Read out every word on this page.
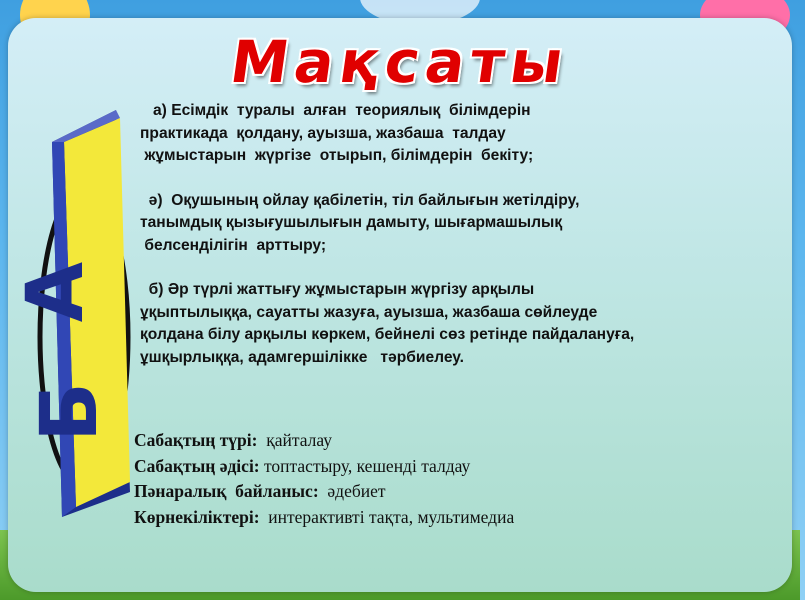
А
Б
Мақсаты
а) Есімдік  туралы  алған  теориялық  білімдерін
практикада  қолдану, ауызша, жазбаша  талдау
жұмыстарын  жүргізе  отырып, білімдерін  бекіту;
ә)  Оқушының ойлау қабілетін, тіл байлығын жетілдіру,
танымдық қызығушылығын дамыту, шығармашылық
белсенділігін  арттыру;
б) Әр түрлі жаттығу жұмыстарын жүргізу арқылы
ұқыптылыққа, сауатты жазуға, ауызша, жазбаша сөйлеуде
қолдана білу арқылы көркем, бейнелі сөз ретінде пайдалануға,
ұшқырлыққа, адамгершілікке   тәрбиелеу.
Сабақтың түрі:  қайталау
Сабақтың әдісі: топтастыру, кешенді талдау
Пәнаралық  байланыс:  әдебиет
Көрнекіліктері:  интерактивті тақта, мультимедиа
